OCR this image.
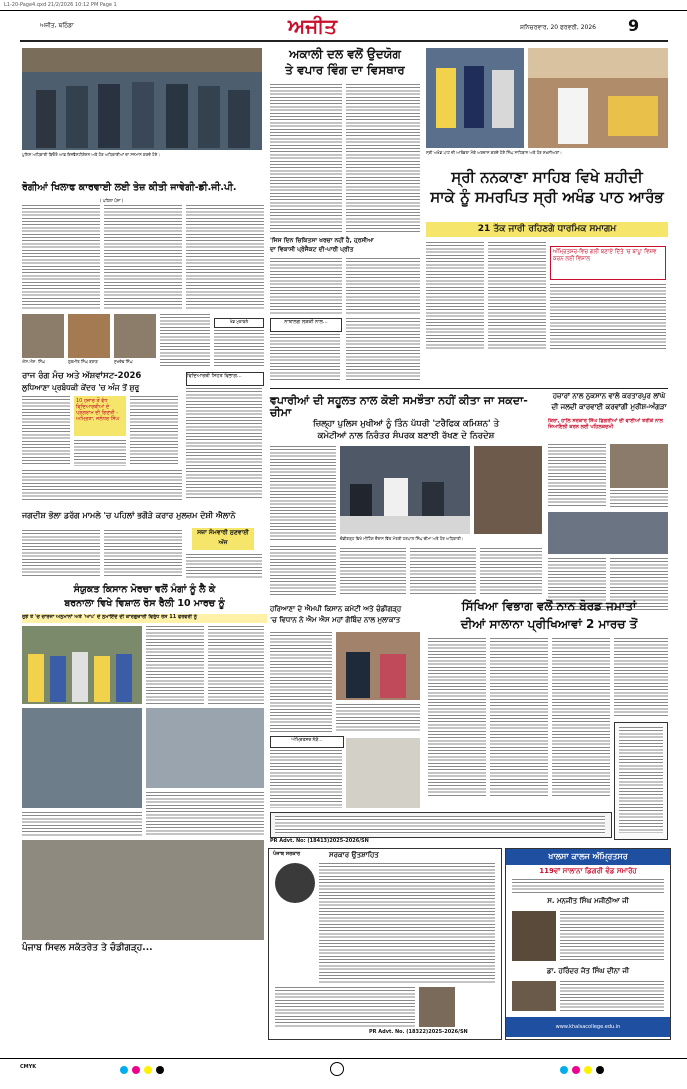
L1-20-Page4.qxd 21/2/2026 10:12 PM Page 1
ਅਜੀਤ, ਬਠਿੰਡਾ	ਅਜੀਤ	ਸ਼ਨਿਚਰਵਾਰ, 20 ਫਰਵਰੀ, 2026 9
ਪੁਲਿਸ ਅਧਿਕਾਰੀ ਬਿਓਰੋ ਆਫ਼ ਇਨਵੈਸਟੀਗੇਸ਼ਨ ਅਤੇ ਹੋਰ ਅਧਿਕਾਰੀਆਂ ਦਾ ਸਨਮਾਨ ਕਰਦੇ ਹੋਏ।
ਰੋਗੀਆਂ ਖਿਲਾਫ ਕਾਰਵਾਈ ਲਈ ਤੇਜ਼ ਕੀਤੀ ਜਾਵੇਗੀ-ਡੀ.ਜੀ.ਪੀ.
( ਪਹਿਲਾ ਪੰਨਾ )
ਐਸ.ਐਸ. ਸਿੰਘ	ਗੁਰਮੀਤ ਸਿੰਘ ਬਰਾੜ	ਸੁਖਦੇਵ ਸਿੰਘ
ਖੇਡ ਮੁਕਾਬਲੇ
ਰਾਜ ਰੰਗ ਮੰਚ ਅਤੇ ਅੱਸ਼ਵਾਂਸਟ-2026
ਲੁਧਿਆਣਾ ਪ੍ਰਬੰਧਕੀ ਕੇਂਦਰ 'ਚ ਅੰਜ ਤੋਂ ਸ਼ੁਰੂ
ਵਿਦਿਆਰਥੀ ਸਿਹਤ ਵਿਭਾਗ...
10 ਹਜ਼ਾਰ ਤੋਂ ਵੱਧ ਵਿਦਿਆਰਥੀਆਂ ਦੇ ਪ੍ਰੋਗਰਾਮ ਦੀ ਗਿਣਤੀ - ਅਮ੍ਰਿਤਾ, ਜਲੰਧਰ ਸਿੰਘ
ਜਗਦੀਸ਼ ਭੋਲਾ ਡਰੱਗ ਮਾਮਲੇ 'ਚ ਪਹਿਲਾਂ ਭਗੌੜੇ ਕਰਾਰ ਮੁਲਜ਼ਮ ਦੋਸ਼ੀ ਐਲਾਨੇ
ਸਜ਼ਾ ਸੋਮਵਾਰੀ ਸੁਣਵਾਈ ਅੱਜ
ਸੰਯੁਕਤ ਕਿਸਾਨ ਮੋਰਚਾ ਵਲੋਂ ਮੰਗਾਂ ਨੂੰ ਲੈ ਕੇ
ਬਰਨਾਲਾ ਵਿਖੇ ਵਿਸ਼ਾਲ ਰੋਸ ਰੈਲੀ 10 ਮਾਰਚ ਨੂੰ
ਰੁਝੇ ਤੇ 'ਚ ਚਾਰਜਾ ਅਨੁਮਾਨਾਂ ਅਤੇ 'ਆਪ' ਦੇ ਨੁਮਾਇੰਦੇ ਦੀ ਕਾਰਗੁਜ਼ਾਰੀ ਵਿਰੁੱਧ ਰੋਸ 11 ਫਰਵਰੀ ਨੂੰ
ਪੰਜਾਬ ਸਿਵਲ ਸਕੱਤਰੇਤ ਤੇ ਚੰਡੀਗੜ੍ਹ...
ਅਕਾਲੀ ਦਲ ਵਲੋਂ ਉਦਯੋਗ
ਤੇ ਵਪਾਰ ਵਿੰਗ ਦਾ ਵਿਸਥਾਰ
'ਜਿਸ ਦਿਨ ਚਿਕਿਤਸਾ ਖਰਚਾ ਨਹੀਂ ਹੈ, ਹ੍ਰਸੀਆ
ਦਾ ਵਿਕਾਸੀ ਪ੍ਰੋਜੈਕਟ ਦੀ-ਪਾਰੀ ਪ੍ਰੀਤ
ਨਾਬਾਲਗ ਲੜਕੀ ਨਾਲ...
ਸ੍ਰੀ ਅਖੰਡ ਪਾਠ ਦੀ ਆਰੰਭਤਾ ਮੌਕੇ ਅਰਦਾਸ ਕਰਦੇ ਹੋਏ ਸਿੰਘ ਸਾਹਿਬਾਨ ਅਤੇ ਹੋਰ ਸ਼ਖ਼ਸੀਅਤਾਂ।
ਸ੍ਰੀ ਨਨਕਾਣਾ ਸਾਹਿਬ ਵਿਖੇ ਸ਼ਹੀਦੀ
ਸਾਕੇ ਨੂੰ ਸਮਰਪਿਤ ਸ੍ਰੀ ਅਖੰਡ ਪਾਠ ਆਰੰਭ
21 ਤੱਕ ਜਾਰੀ ਰਹਿਣਗੇ ਧਾਰਮਿਕ ਸਮਾਗਮ
ਅੰਮ੍ਰਿਤਸਰ-ਵਿਚ ਗਲੀ ਬਣਾਏ ਦਿੱਤੇ 'ਚ ਬਾਪੂ' ਵਿਸ਼ਵ ਕਰਨ ਲਈ ਵਿਸ਼ਾਲ
ਵਪਾਰੀਆਂ ਦੀ ਸਹੂਲਤ ਨਾਲ ਕੋਈ ਸਮਝੌਤਾ ਨਹੀਂ ਕੀਤਾ ਜਾ ਸਕਦਾ-ਚੀਮਾ
ਜ਼ਿਲ੍ਹਾ ਪੁਲਿਸ ਮੁਖੀਆਂ ਨੂੰ ਤਿੰਨ ਪੱਧਰੀ 'ਟਰੈਫਿਕ ਕਮਿਸ਼ਨ' ਤੇ
ਕਮੇਟੀਆਂ ਨਾਲ ਨਿਰੰਤਰ ਸੰਪਰਕ ਬਣਾਈ ਰੱਖਣ ਦੇ ਨਿਰਦੇਸ਼
ਚੰਡੀਗੜ੍ਹ ਵਿਖੇ ਮੀਟਿੰਗ ਦੌਰਾਨ ਵਿੱਤ ਮੰਤਰੀ ਹਰਪਾਲ ਸਿੰਘ ਚੀਮਾ ਅਤੇ ਹੋਰ ਅਧਿਕਾਰੀ।
ਹਜ਼ਾਰਾਂ ਨਾਲ ਨੁਕਸਾਨ ਵਾਲੇ ਕਰਤਾਰਪੁਰ ਲਾਂਘੇ
ਦੀ ਜਲਦੀ ਕਾਰਵਾਈ ਕਰਵਾਂਗੀ ਮੁਰੀਸ਼-ਅੰਗੜਾ
ਕਿਰਾ, ਹਾਲਿ ਸਰਕਾਰ ਸਿੰਘ ਡਿਗਰੀਆਂ ਦੀ ਵਾਈਆਂ ਤਰੀਕੇ ਨਾਲ ਜਿਆਇਲੀ ਕਰਨ ਲਈ ਪਹਿਲਕਦਮੀ
ਹਰਿਆਣਾ ਦੇ ਐਮਪੀ ਕਿਸਾਨ ਕਮੇਟੀ ਅਤੇ ਚੰਡੀਗੜ੍ਹ
'ਚ ਵਿਧਾਨ ਨੇ ਐਮ ਐਸ ਮਹਾਂ ਗੋਬਿੰਦ ਨਾਲ ਮੁਲਾਕਾਤ
ਅੰਮ੍ਰਿਤਸਰ ਨੇੜੇ...
ਸਿੱਖਿਆ ਵਿਭਾਗ ਵਲੋਂ ਨਾਨ ਬੋਰਡ ਜਮਾਤਾਂ
ਦੀਆਂ ਸਾਲਾਨਾ ਪ੍ਰੀਖਿਆਵਾਂ 2 ਮਾਰਚ ਤੋਂ
PR Advt. No: (18413)2025-2026/SN
ਪੰਜਾਬ ਸਰਕਾਰ	ਸਰਕਾਰ ਉਤਸ਼ਾਹਿਤ
PR Advt. No. (18322)2025-2026/SN
ਖਾਲਸਾ ਕਾਲਜ ਅੰਮ੍ਰਿਤਸਰ
119ਵਾਂ ਸਾਲਾਨਾ ਡਿਗਰੀ ਵੰਡ ਸਮਾਰੋਹ
ਸ. ਮਨਜੀਤ ਸਿੰਘ ਮਜੀਠੀਆ ਜੀ
ਡਾ. ਹਰਿੰਦਰ ਜੋਤ ਸਿੰਘ ਦੀਨਾ ਜੀ
www.khalsacollege.edu.in
CMYK
